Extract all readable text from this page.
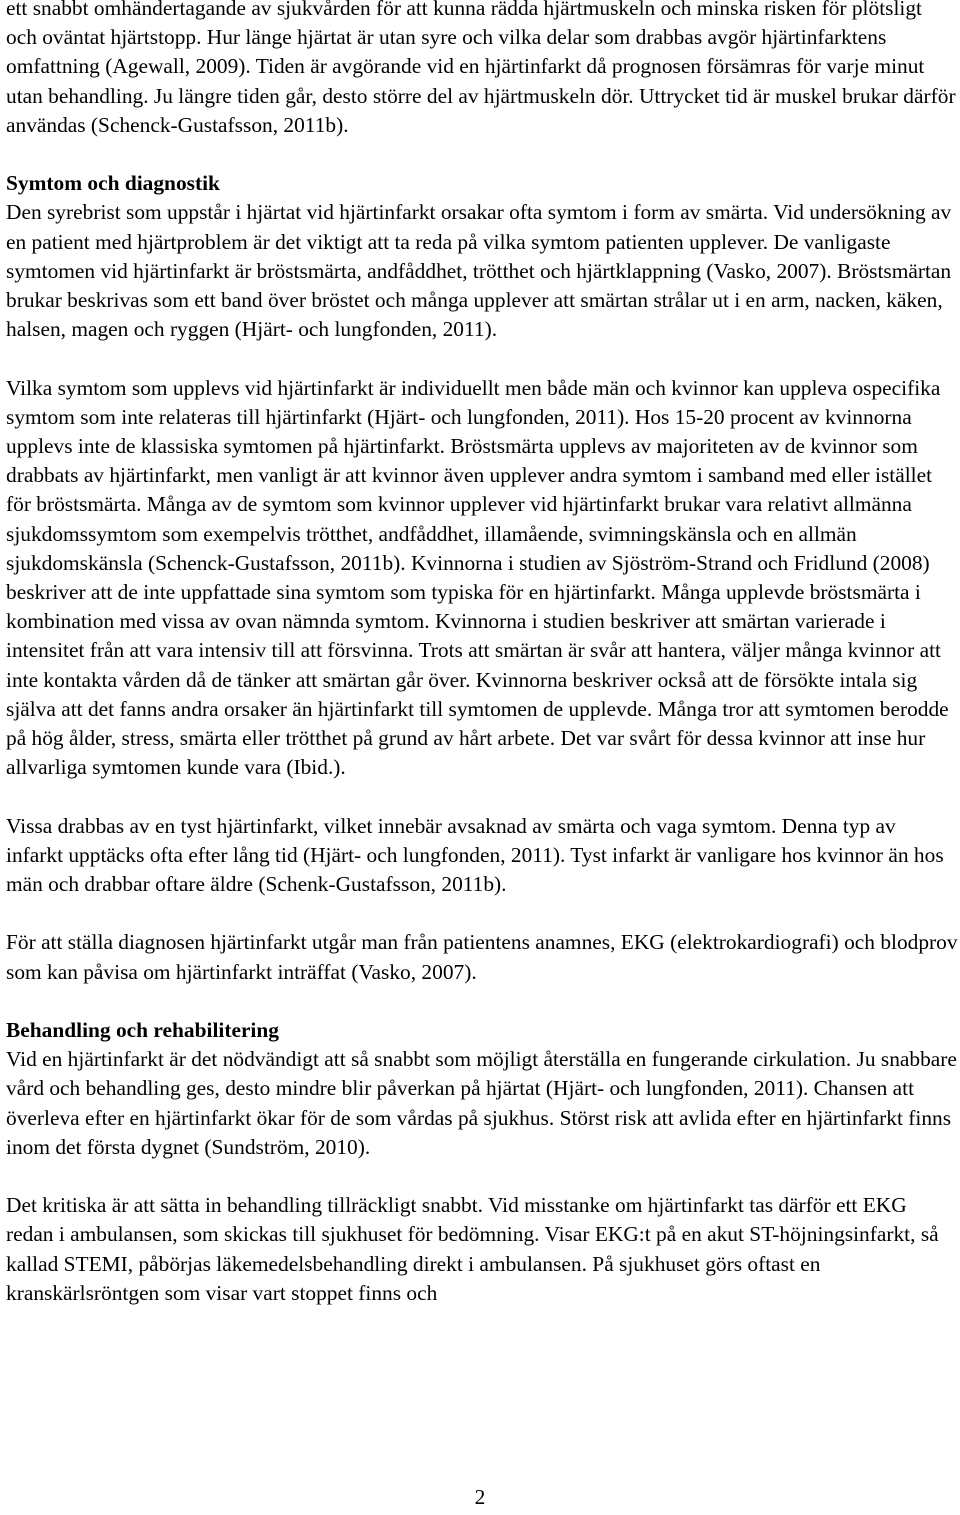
ett snabbt omhändertagande av sjukvården för att kunna rädda hjärtmuskeln och minska risken för plötsligt och oväntat hjärtstopp. Hur länge hjärtat är utan syre och vilka delar som drabbas avgör hjärtinfarktens omfattning (Agewall, 2009). Tiden är avgörande vid en hjärtinfarkt då prognosen försämras för varje minut utan behandling. Ju längre tiden går, desto större del av hjärtmuskeln dör. Uttrycket tid är muskel brukar därför användas (Schenck-Gustafsson, 2011b).

Symtom och diagnostik

Den syrebrist som uppstår i hjärtat vid hjärtinfarkt orsakar ofta symtom i form av smärta. Vid undersökning av en patient med hjärtproblem är det viktigt att ta reda på vilka symtom patienten upplever. De vanligaste symtomen vid hjärtinfarkt är bröstsmärta, andfåddhet, trötthet och hjärtklappning (Vasko, 2007). Bröstsmärtan brukar beskrivas som ett band över bröstet och många upplever att smärtan strålar ut i en arm, nacken, käken, halsen, magen och ryggen (Hjärt- och lungfonden, 2011).

Vilka symtom som upplevs vid hjärtinfarkt är individuellt men både män och kvinnor kan uppleva ospecifika symtom som inte relateras till hjärtinfarkt (Hjärt- och lungfonden, 2011). Hos 15-20 procent av kvinnorna upplevs inte de klassiska symtomen på hjärtinfarkt. Bröstsmärta upplevs av majoriteten av de kvinnor som drabbats av hjärtinfarkt, men vanligt är att kvinnor även upplever andra symtom i samband med eller istället för bröstsmärta. Många av de symtom som kvinnor upplever vid hjärtinfarkt brukar vara relativt allmänna sjukdomssymtom som exempelvis trötthet, andfåddhet, illamående, svimningskänsla och en allmän sjukdomskänsla (Schenck-Gustafsson, 2011b). Kvinnorna i studien av Sjöström-Strand och Fridlund (2008) beskriver att de inte uppfattade sina symtom som typiska för en hjärtinfarkt. Många upplevde bröstsmärta i kombination med vissa av ovan nämnda symtom. Kvinnorna i studien beskriver att smärtan varierade i intensitet från att vara intensiv till att försvinna. Trots att smärtan är svår att hantera, väljer många kvinnor att inte kontakta vården då de tänker att smärtan går över. Kvinnorna beskriver också att de försökte intala sig själva att det fanns andra orsaker än hjärtinfarkt till symtomen de upplevde. Många tror att symtomen berodde på hög ålder, stress, smärta eller trötthet på grund av hårt arbete. Det var svårt för dessa kvinnor att inse hur allvarliga symtomen kunde vara (Ibid.).

Vissa drabbas av en tyst hjärtinfarkt, vilket innebär avsaknad av smärta och vaga symtom. Denna typ av infarkt upptäcks ofta efter lång tid (Hjärt- och lungfonden, 2011). Tyst infarkt är vanligare hos kvinnor än hos män och drabbar oftare äldre (Schenk-Gustafsson, 2011b).

För att ställa diagnosen hjärtinfarkt utgår man från patientens anamnes, EKG (elektrokardiografi) och blodprov som kan påvisa om hjärtinfarkt inträffat (Vasko, 2007).

Behandling och rehabilitering

Vid en hjärtinfarkt är det nödvändigt att så snabbt som möjligt återställa en fungerande cirkulation. Ju snabbare vård och behandling ges, desto mindre blir påverkan på hjärtat (Hjärt- och lungfonden, 2011). Chansen att överleva efter en hjärtinfarkt ökar för de som vårdas på sjukhus. Störst risk att avlida efter en hjärtinfarkt finns inom det första dygnet (Sundström, 2010).

Det kritiska är att sätta in behandling tillräckligt snabbt. Vid misstanke om hjärtinfarkt tas därför ett EKG redan i ambulansen, som skickas till sjukhuset för bedömning. Visar EKG:t på en akut ST-höjningsinfarkt, så kallad STEMI, påbörjas läkemedelsbehandling direkt i ambulansen. På sjukhuset görs oftast en kranskärlsröntgen som visar vart stoppet finns och

2
